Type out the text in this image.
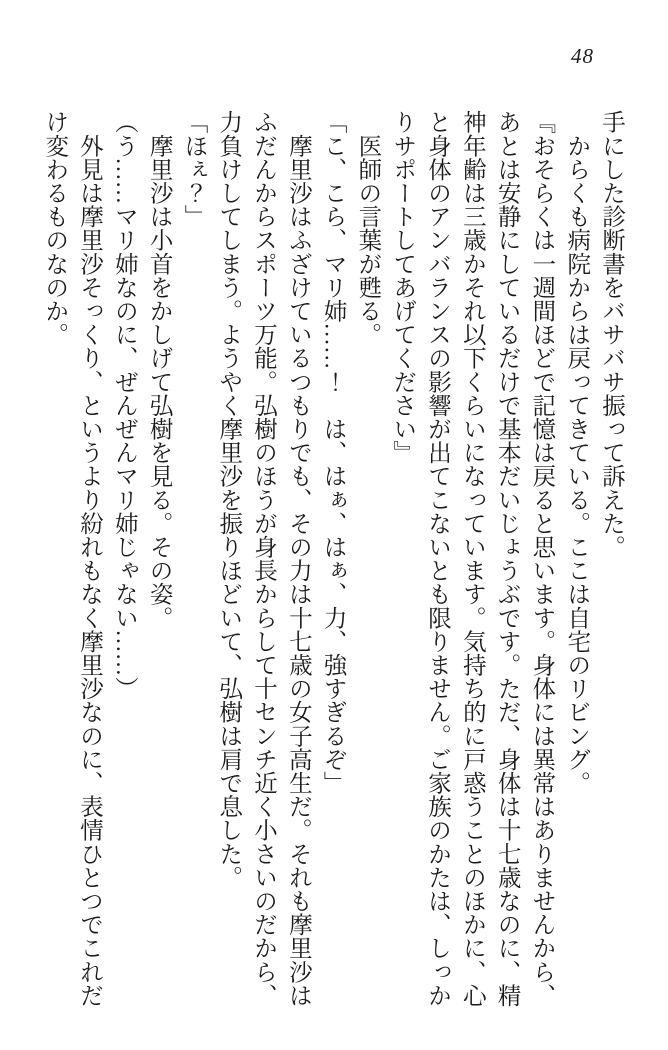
48

手にした診断書をバサバサ振って訴えた。

　からくも病院からは戻ってきている。ここは自宅のリビング。

『おそらくは一週間ほどで記憶は戻ると思います。身体には異常はありませんから、

あとは安静にしているだけで基本だいじょうぶです。ただ、身体は十七歳なのに、精

神年齢は三歳かそれ以下くらいになっています。気持ち的に戸惑うことのほかに、心

と身体のアンバランスの影響が出てこないとも限りません。ご家族のかたは、しっか

りサポートしてあげてください』

　医師の言葉が甦る。

「こ、こら、マリ姉……！　は、はぁ、はぁ、力、強すぎるぞ」

　摩里沙はふざけているつもりでも、その力は十七歳の女子高生だ。それも摩里沙は

ふだんからスポーツ万能。弘樹のほうが身長からして十センチ近く小さいのだから、

力負けしてしまう。ようやく摩里沙を振りほどいて、弘樹は肩で息した。

「ほぇ？」

　摩里沙は小首をかしげて弘樹を見る。その姿。

（う……マリ姉なのに、ぜんぜんマリ姉じゃない……）

　外見は摩里沙そっくり、というより紛れもなく摩里沙なのに、表情ひとつでこれだ

け変わるものなのか。
